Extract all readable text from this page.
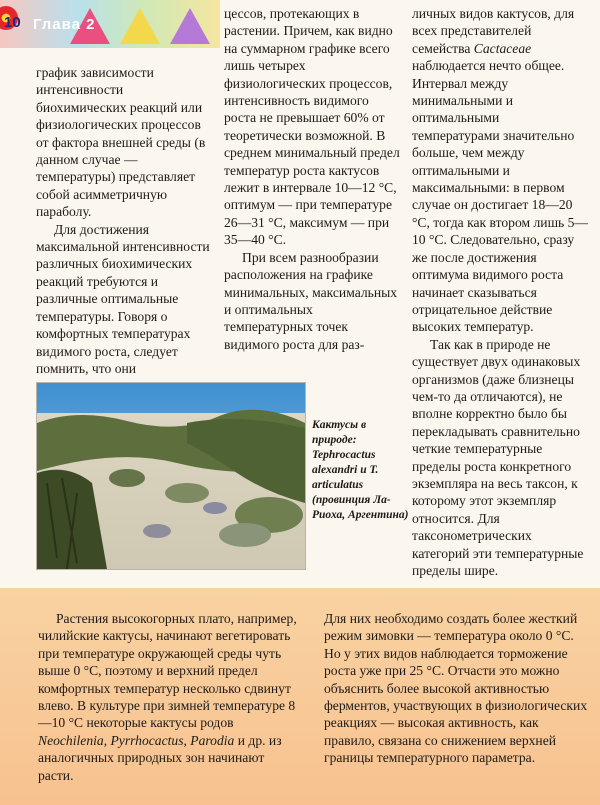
10 Глава 2

график зависимости интенсивности биохимических реакций или физиологических процессов от фактора внешней среды (в данном случае — температуры) представляет собой асимметричную параболу.

Для достижения максимальной интенсивности различных биохимических реакций требуются и различные оптимальные температуры. Говоря о комфортных температурах видимого роста, следует помнить, что они

цессов, протекающих в растении. Причем, как видно на суммарном графике всего лишь четырех физиологических процессов, интенсивность видимого роста не превышает 60% от теоретически возможной. В среднем минимальный предел температур роста кактусов лежит в интервале 10—12 °С, оптимум — при температуре 26—31 °С, максимум — при 35—40 °С.

При всем разнообразии расположения на графике минимальных, максимальных и оптимальных температурных точек видимого роста для раз-

личных видов кактусов, для всех представителей семейства Cactaceae наблюдается нечто общее. Интервал между минимальными и оптимальными температурами значительно больше, чем между оптимальными и максимальными: в первом случае он достигает 18—20 °С, тогда как втором лишь 5—10 °С. Следовательно, сразу же после достижения оптимума видимого роста начинает сказываться отрицательное действие высоких температур.

Так как в природе не существует двух одинаковых организмов (даже близнецы чем-то да отличаются), не вполне корректно было бы перекладывать сравнительно четкие температурные пределы роста конкретного экземпляра на весь таксон, к которому этот экземпляр относится. Для таксонометрических категорий эти температурные пределы шире.

Кактусы в природе: Tephrocactus alexandri и T. articulatus (провинция Ла-Риоха, Аргентина)

Растения высокогорных плато, например, чилийские кактусы, начинают вегетировать при температуре окружающей среды чуть выше 0 °С, поэтому и верхний предел комфортных температур несколько сдвинут влево. В культуре при зимней температуре 8—10 °С некоторые кактусы родов Neochilenia, Pyrrhocactus, Parodia и др. из аналогичных природных зон начинают расти.

Для них необходимо создать более жесткий режим зимовки — температура около 0 °С. Но у этих видов наблюдается торможение роста уже при 25 °С. Отчасти это можно объяснить более высокой активностью ферментов, участвующих в физиологических реакциях — высокая активность, как правило, связана со снижением верхней границы температурного параметра.
